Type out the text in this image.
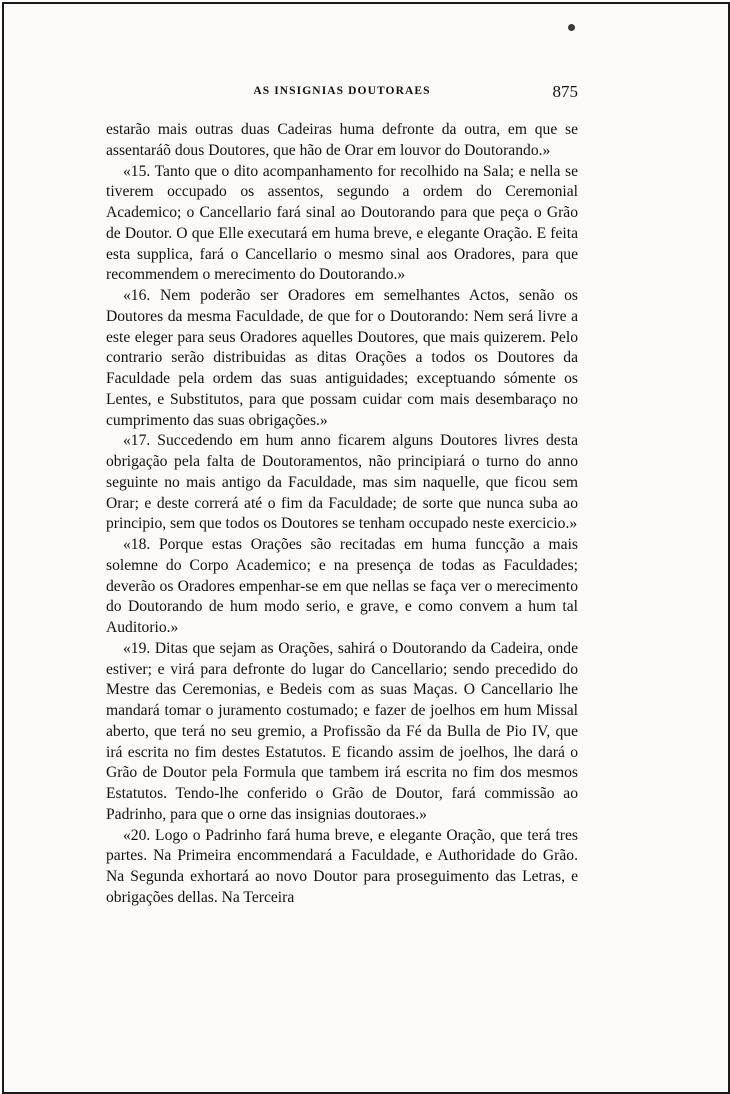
AS INSIGNIAS DOUTORAES	875

estarão mais outras duas Cadeiras huma defronte da outra, em que se assentaráõ dous Doutores, que hão de Orar em louvor do Doutorando.»

«15. Tanto que o dito acompanhamento for recolhido na Sala; e nella se tiverem occupado os assentos, segundo a ordem do Ceremonial Academico; o Cancellario fará sinal ao Doutorando para que peça o Grão de Doutor. O que Elle executará em huma breve, e elegante Oração. E feita esta supplica, fará o Cancellario o mesmo sinal aos Oradores, para que recommendem o merecimento do Doutorando.»

«16. Nem poderão ser Oradores em semelhantes Actos, senão os Doutores da mesma Faculdade, de que for o Doutorando: Nem será livre a este eleger para seus Oradores aquelles Doutores, que mais quizerem. Pelo contrario serão distribuidas as ditas Orações a todos os Doutores da Faculdade pela ordem das suas antiguidades; exceptuando sómente os Lentes, e Substitutos, para que possam cuidar com mais desembaraço no cumprimento das suas obrigações.»

«17. Succedendo em hum anno ficarem alguns Doutores livres desta obrigação pela falta de Doutoramentos, não principiará o turno do anno seguinte no mais antigo da Faculdade, mas sim naquelle, que ficou sem Orar; e deste correrá até o fim da Faculdade; de sorte que nunca suba ao principio, sem que todos os Doutores se tenham occupado neste exercicio.»

«18. Porque estas Orações são recitadas em huma funcção a mais solemne do Corpo Academico; e na presença de todas as Faculdades; deverão os Oradores empenhar-se em que nellas se faça ver o merecimento do Doutorando de hum modo serio, e grave, e como convem a hum tal Auditorio.»

«19. Ditas que sejam as Orações, sahirá o Doutorando da Cadeira, onde estiver; e virá para defronte do lugar do Cancellario; sendo precedido do Mestre das Ceremonias, e Bedeis com as suas Maças. O Cancellario lhe mandará tomar o juramento costumado; e fazer de joelhos em hum Missal aberto, que terá no seu gremio, a Profissão da Fé da Bulla de Pio IV, que irá escrita no fim destes Estatutos. E ficando assim de joelhos, lhe dará o Grão de Doutor pela Formula que tambem irá escrita no fim dos mesmos Estatutos. Tendo-lhe conferido o Grão de Doutor, fará commissão ao Padrinho, para que o orne das insignias doutoraes.»

«20. Logo o Padrinho fará huma breve, e elegante Oração, que terá tres partes. Na Primeira encommendará a Faculdade, e Authoridade do Grão. Na Segunda exhortará ao novo Doutor para proseguimento das Letras, e obrigações dellas. Na Terceira
